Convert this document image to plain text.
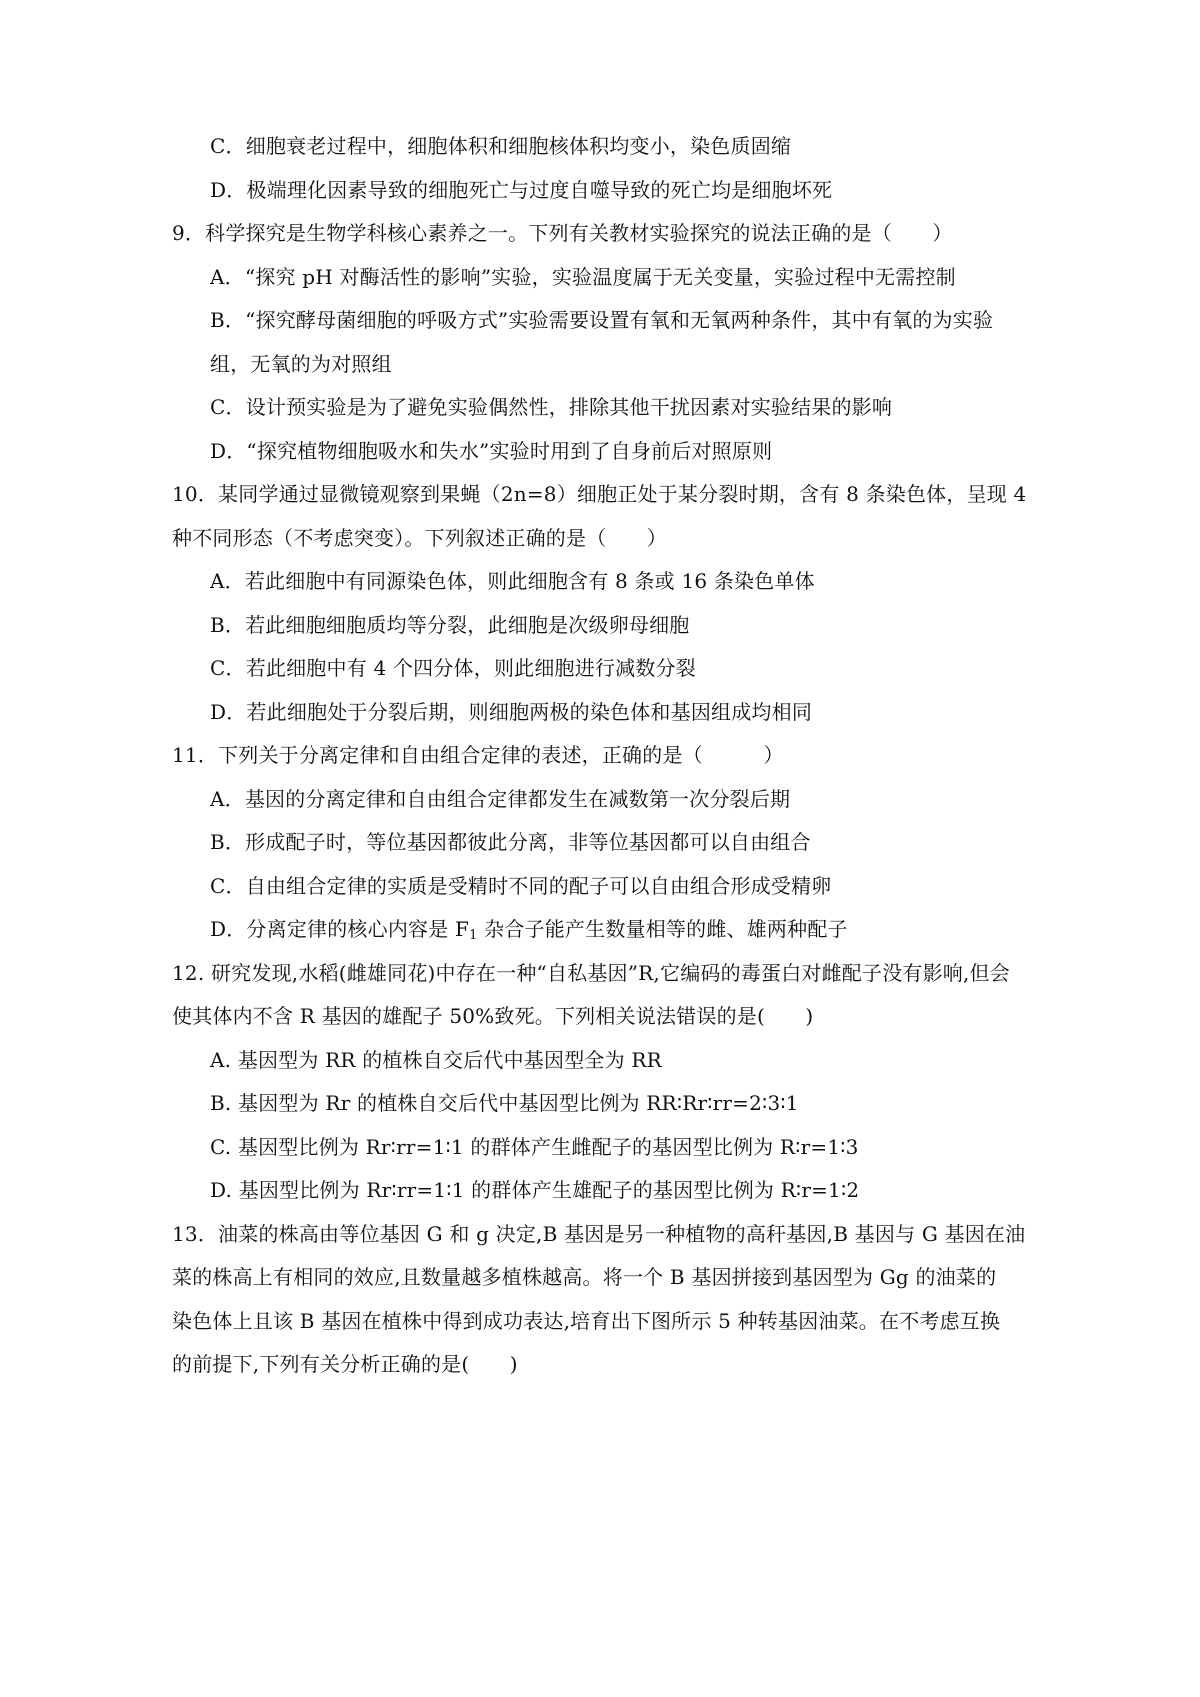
C．细胞衰老过程中，细胞体积和细胞核体积均变小，染色质固缩
D．极端理化因素导致的细胞死亡与过度自噬导致的死亡均是细胞坏死
9．科学探究是生物学科核心素养之一。下列有关教材实验探究的说法正确的是（　　）
A．“探究 pH 对酶活性的影响”实验，实验温度属于无关变量，实验过程中无需控制
B．“探究酵母菌细胞的呼吸方式”实验需要设置有氧和无氧两种条件，其中有氧的为实验
组，无氧的为对照组
C．设计预实验是为了避免实验偶然性，排除其他干扰因素对实验结果的影响
D．“探究植物细胞吸水和失水”实验时用到了自身前后对照原则
10．某同学通过显微镜观察到果蝇（2n=8）细胞正处于某分裂时期，含有 8 条染色体，呈现 4
种不同形态（不考虑突变）。下列叙述正确的是（　　）
A．若此细胞中有同源染色体，则此细胞含有 8 条或 16 条染色单体
B．若此细胞细胞质均等分裂，此细胞是次级卵母细胞
C．若此细胞中有 4 个四分体，则此细胞进行减数分裂
D．若此细胞处于分裂后期，则细胞两极的染色体和基因组成均相同
11．下列关于分离定律和自由组合定律的表述，正确的是（　　　）
A．基因的分离定律和自由组合定律都发生在减数第一次分裂后期
B．形成配子时，等位基因都彼此分离，非等位基因都可以自由组合
C．自由组合定律的实质是受精时不同的配子可以自由组合形成受精卵
D．分离定律的核心内容是 $F_1$ 杂合子能产生数量相等的雌、雄两种配子
12. 研究发现,水稻(雌雄同花)中存在一种“自私基因”R,它编码的毒蛋白对雌配子没有影响,但会
使其体内不含 R 基因的雄配子 50%致死。下列相关说法错误的是(　　)
A. 基因型为 RR 的植株自交后代中基因型全为 RR
B. 基因型为 Rr 的植株自交后代中基因型比例为 RR∶Rr∶rr=2∶3∶1
C. 基因型比例为 Rr∶rr=1∶1 的群体产生雌配子的基因型比例为 R∶r=1∶3
D. 基因型比例为 Rr∶rr=1∶1 的群体产生雄配子的基因型比例为 R∶r=1∶2
13．油菜的株高由等位基因 G 和 g 决定,B 基因是另一种植物的高秆基因,B 基因与 G 基因在油
菜的株高上有相同的效应,且数量越多植株越高。将一个 B 基因拼接到基因型为 Gg 的油菜的
染色体上且该 B 基因在植株中得到成功表达,培育出下图所示 5 种转基因油菜。在不考虑互换
的前提下,下列有关分析正确的是(　　)
